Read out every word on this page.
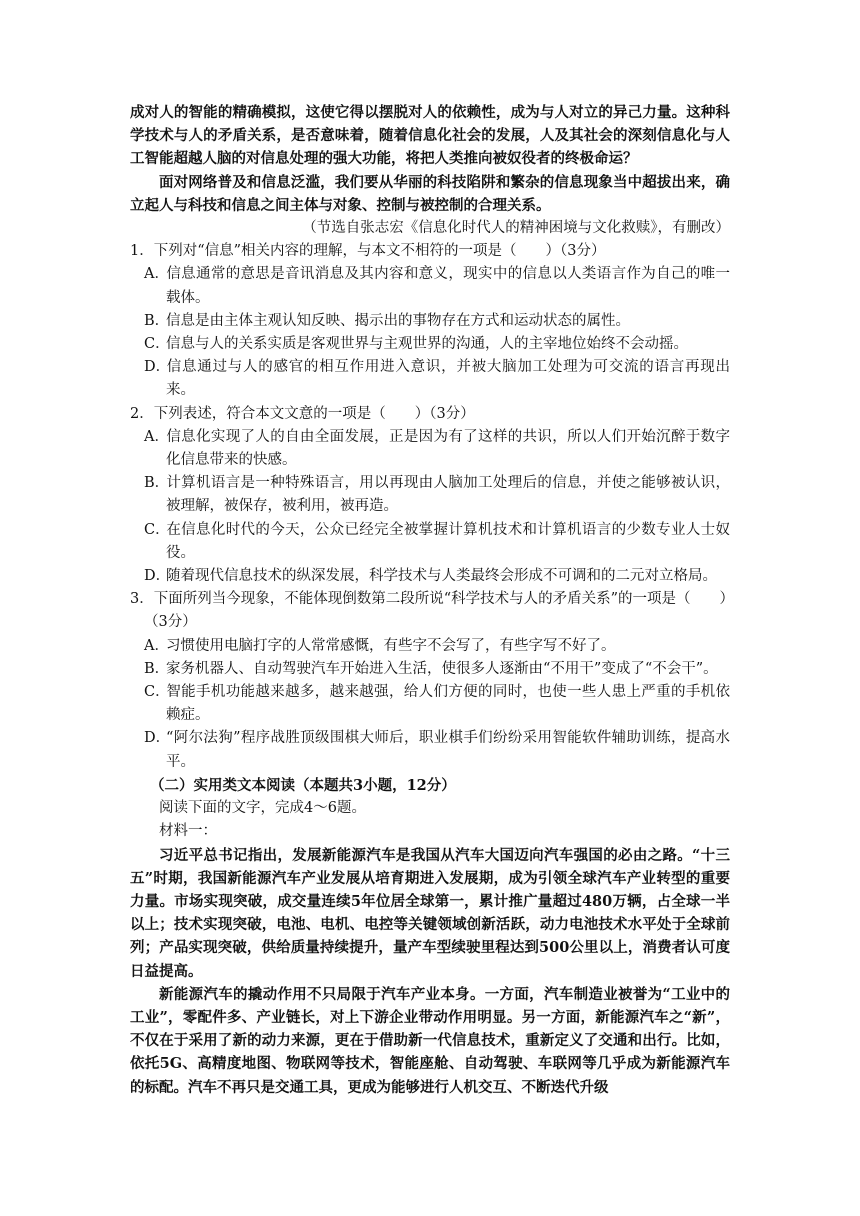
成对人的智能的精确模拟，这使它得以摆脱对人的依赖性，成为与人对立的异己力量。这种科学技术与人的矛盾关系，是否意味着，随着信息化社会的发展，人及其社会的深刻信息化与人工智能超越人脑的对信息处理的强大功能，将把人类推向被奴役者的终极命运？

面对网络普及和信息泛滥，我们要从华丽的科技陷阱和繁杂的信息现象当中超拔出来，确立起人与科技和信息之间主体与对象、控制与被控制的合理关系。

（节选自张志宏《信息化时代人的精神困境与文化救赎》，有删改）

1．下列对“信息”相关内容的理解，与本文不相符的一项是（　　）（3分）

A．信息通常的意思是音讯消息及其内容和意义，现实中的信息以人类语言作为自己的唯一载体。

B．信息是由主体主观认知反映、揭示出的事物存在方式和运动状态的属性。

C．信息与人的关系实质是客观世界与主观世界的沟通，人的主宰地位始终不会动摇。

D．信息通过与人的感官的相互作用进入意识，并被大脑加工处理为可交流的语言再现出来。

2．下列表述，符合本文文意的一项是（　　）（3分）

A．信息化实现了人的自由全面发展，正是因为有了这样的共识，所以人们开始沉醉于数字化信息带来的快感。

B．计算机语言是一种特殊语言，用以再现由人脑加工处理后的信息，并使之能够被认识，被理解，被保存，被利用，被再造。

C．在信息化时代的今天，公众已经完全被掌握计算机技术和计算机语言的少数专业人士奴役。

D．随着现代信息技术的纵深发展，科学技术与人类最终会形成不可调和的二元对立格局。

3．下面所列当今现象，不能体现倒数第二段所说“科学技术与人的矛盾关系”的一项是（　　）

（3分）

A．习惯使用电脑打字的人常常感慨，有些字不会写了，有些字写不好了。

B．家务机器人、自动驾驶汽车开始进入生活，使很多人逐渐由“不用干”变成了“不会干”。

C．智能手机功能越来越多，越来越强，给人们方便的同时，也使一些人患上严重的手机依赖症。

D．“阿尔法狗”程序战胜顶级围棋大师后，职业棋手们纷纷采用智能软件辅助训练，提高水平。

（二）实用类文本阅读（本题共3小题，12分）

阅读下面的文字，完成4～6题。

材料一：

习近平总书记指出，发展新能源汽车是我国从汽车大国迈向汽车强国的必由之路。“十三五”时期，我国新能源汽车产业发展从培育期进入发展期，成为引领全球汽车产业转型的重要力量。市场实现突破，成交量连续5年位居全球第一，累计推广量超过480万辆，占全球一半以上；技术实现突破，电池、电机、电控等关键领域创新活跃，动力电池技术水平处于全球前列；产品实现突破，供给质量持续提升，量产车型续驶里程达到500公里以上，消费者认可度日益提高。

新能源汽车的撬动作用不只局限于汽车产业本身。一方面，汽车制造业被誉为“工业中的工业”，零配件多、产业链长，对上下游企业带动作用明显。另一方面，新能源汽车之“新”，不仅在于采用了新的动力来源，更在于借助新一代信息技术，重新定义了交通和出行。比如，依托5G、高精度地图、物联网等技术，智能座舱、自动驾驶、车联网等几乎成为新能源汽车的标配。汽车不再只是交通工具，更成为能够进行人机交互、不断迭代升级
